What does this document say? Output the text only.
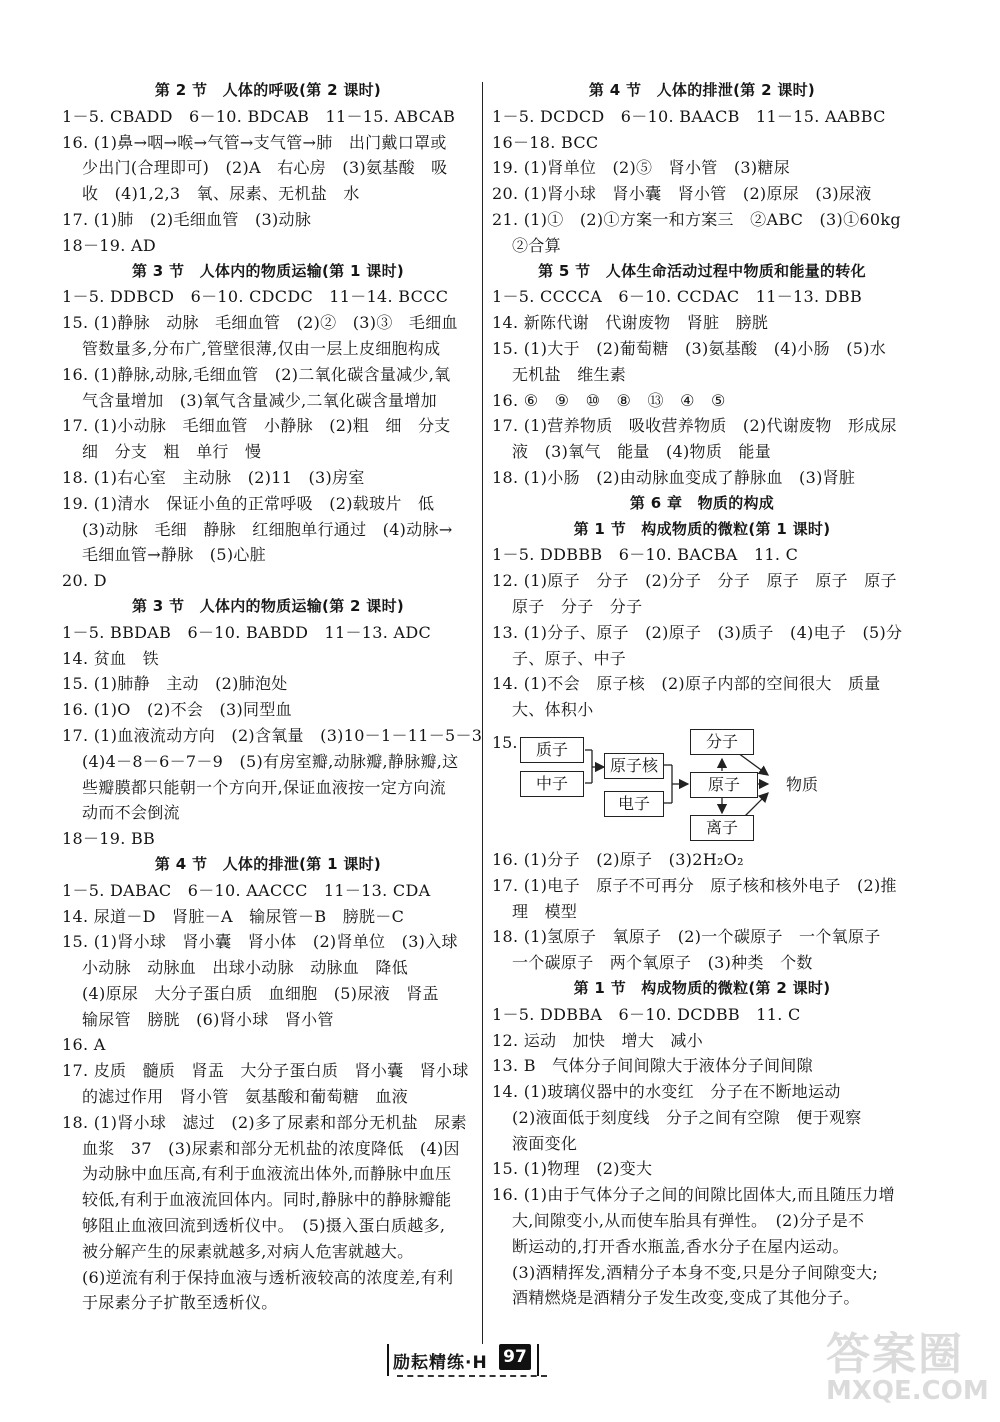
第 2 节　人体的呼吸(第 2 课时)
1－5. CBADD　6－10. BDCAB　11－15. ABCAB
16. (1)鼻→咽→喉→气管→支气管→肺　出门戴口罩或
少出门(合理即可)　(2)A　右心房　(3)氨基酸　吸
收　(4)1,2,3　氧、尿素、无机盐　水
17. (1)肺　(2)毛细血管　(3)动脉
18－19. AD
第 3 节　人体内的物质运输(第 1 课时)
1－5. DDBCD　6－10. CDCDC　11－14. BCCC
15. (1)静脉　动脉　毛细血管　(2)②　(3)③　毛细血
管数量多,分布广,管壁很薄,仅由一层上皮细胞构成
16. (1)静脉,动脉,毛细血管　(2)二氧化碳含量减少,氧
气含量增加　(3)氧气含量减少,二氧化碳含量增加
17. (1)小动脉　毛细血管　小静脉　(2)粗　细　分支
细　分支　粗　单行　慢
18. (1)右心室　主动脉　(2)11　(3)房室
19. (1)清水　保证小鱼的正常呼吸　(2)载玻片　低
(3)动脉　毛细　静脉　红细胞单行通过　(4)动脉→
毛细血管→静脉　(5)心脏
20. D
第 3 节　人体内的物质运输(第 2 课时)
1－5. BBDAB　6－10. BABDD　11－13. ADC
14. 贫血　铁
15. (1)肺静　主动　(2)肺泡处
16. (1)O　(2)不会　(3)同型血
17. (1)血液流动方向　(2)含氧量　(3)10－1－11－5－3
(4)4－8－6－7－9　(5)有房室瓣,动脉瓣,静脉瓣,这
些瓣膜都只能朝一个方向开,保证血液按一定方向流
动而不会倒流
18－19. BB
第 4 节　人体的排泄(第 1 课时)
1－5. DABAC　6－10. AACCC　11－13. CDA
14. 尿道－D　肾脏－A　输尿管－B　膀胱－C
15. (1)肾小球　肾小囊　肾小体　(2)肾单位　(3)入球
小动脉　动脉血　出球小动脉　动脉血　降低
(4)原尿　大分子蛋白质　血细胞　(5)尿液　肾盂
输尿管　膀胱　(6)肾小球　肾小管
16. A
17. 皮质　髓质　肾盂　大分子蛋白质　肾小囊　肾小球
的滤过作用　肾小管　氨基酸和葡萄糖　血液
18. (1)肾小球　滤过　(2)多了尿素和部分无机盐　尿素
血浆　37　(3)尿素和部分无机盐的浓度降低　(4)因
为动脉中血压高,有利于血液流出体外,而静脉中血压
较低,有利于血液流回体内。同时,静脉中的静脉瓣能
够阻止血液回流到透析仪中。　(5)摄入蛋白质越多,
被分解产生的尿素就越多,对病人危害就越大。
(6)逆流有利于保持血液与透析液较高的浓度差,有利
于尿素分子扩散至透析仪。
第 4 节　人体的排泄(第 2 课时)
1－5. DCDCD　6－10. BAACB　11－15. AABBC
16－18. BCC
19. (1)肾单位　(2)⑤　肾小管　(3)糖尿
20. (1)肾小球　肾小囊　肾小管　(2)原尿　(3)尿液
21. (1)①　(2)①方案一和方案三　②ABC　(3)①60kg
②合算
第 5 节　人体生命活动过程中物质和能量的转化
1－5. CCCCA　6－10. CCDAC　11－13. DBB
14. 新陈代谢　代谢废物　肾脏　膀胱
15. (1)大于　(2)葡萄糖　(3)氨基酸　(4)小肠　(5)水
无机盐　维生素
16. ⑥　⑨　⑩　⑧　⑬　④　⑤
17. (1)营养物质　吸收营养物质　(2)代谢废物　形成尿
液　(3)氧气　能量　(4)物质　能量
18. (1)小肠　(2)由动脉血变成了静脉血　(3)肾脏
第 6 章　物质的构成
第 1 节　构成物质的微粒(第 1 课时)
1－5. DDBBB　6－10. BACBA　11. C
12. (1)原子　分子　(2)分子　分子　原子　原子　原子
原子　分子　分子
13. (1)分子、原子　(2)原子　(3)质子　(4)电子　(5)分
子、原子、中子
14. (1)不会　原子核　(2)原子内部的空间很大　质量
大、体积小
15.	质子
中子
原子核
电子
分子
原子
离子
物质
16. (1)分子　(2)原子　(3)2H₂O₂
17. (1)电子　原子不可再分　原子核和核外电子　(2)推
理　模型
18. (1)氢原子　氧原子　(2)一个碳原子　一个氧原子
一个碳原子　两个氧原子　(3)种类　个数
第 1 节　构成物质的微粒(第 2 课时)
1－5. DDBBA　6－10. DCDBB　11. C
12. 运动　加快　增大　减小
13. B　气体分子间间隙大于液体分子间间隙
14. (1)玻璃仪器中的水变红　分子在不断地运动
(2)液面低于刻度线　分子之间有空隙　便于观察
液面变化
15. (1)物理　(2)变大
16. (1)由于气体分子之间的间隙比固体大,而且随压力增
大,间隙变小,从而使车胎具有弹性。　(2)分子是不
断运动的,打开香水瓶盖,香水分子在屋内运动。
(3)酒精挥发,酒精分子本身不变,只是分子间隙变大;
酒精燃烧是酒精分子发生改变,变成了其他分子。
励耘精练·H 97	答案圈
MXQE.COM
